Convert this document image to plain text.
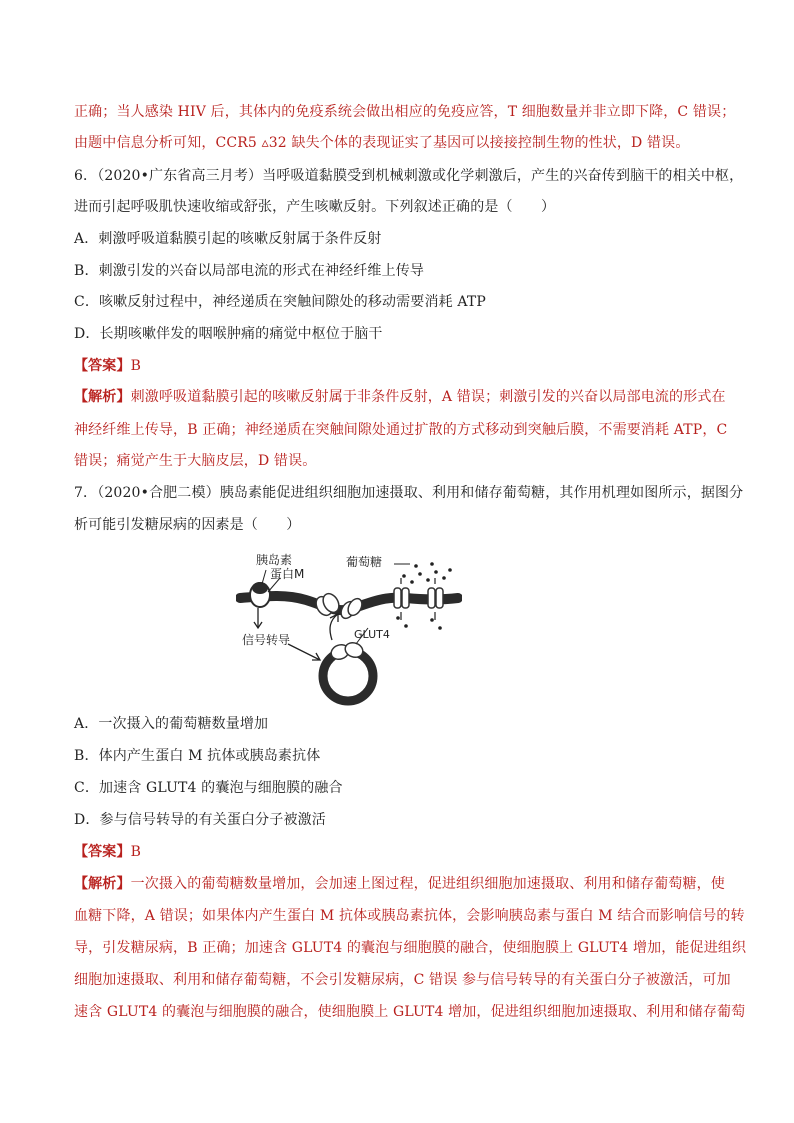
正确；当人感染 HIV 后，其体内的免疫系统会做出相应的免疫应答，T 细胞数量并非立即下降，C 错误；
由题中信息分析可知，CCR5 ▵32 缺失个体的表现证实了基因可以接接控制生物的性状，D 错误。
6．（2020•广东省高三月考）当呼吸道黏膜受到机械刺激或化学刺激后，产生的兴奋传到脑干的相关中枢，
进而引起呼吸肌快速收缩或舒张，产生咳嗽反射。下列叙述正确的是（　　）
A．刺激呼吸道黏膜引起的咳嗽反射属于条件反射
B．刺激引发的兴奋以局部电流的形式在神经纤维上传导
C．咳嗽反射过程中，神经递质在突触间隙处的移动需要消耗 ATP
D．长期咳嗽伴发的咽喉肿痛的痛觉中枢位于脑干
【答案】B
【解析】刺激呼吸道黏膜引起的咳嗽反射属于非条件反射，A 错误；刺激引发的兴奋以局部电流的形式在
神经纤维上传导，B 正确；神经递质在突触间隙处通过扩散的方式移动到突触后膜，不需要消耗 ATP，C
错误；痛觉产生于大脑皮层，D 错误。
7．（2020•合肥二模）胰岛素能促进组织细胞加速摄取、利用和储存葡萄糖，其作用机理如图所示，据图分
析可能引发糖尿病的因素是（　　）
胰岛素
蛋白M
葡萄糖
信号转导	GLUT4
A．一次摄入的葡萄糖数量增加
B．体内产生蛋白 M 抗体或胰岛素抗体
C．加速含 GLUT4 的囊泡与细胞膜的融合
D．参与信号转导的有关蛋白分子被激活
【答案】B
【解析】一次摄入的葡萄糖数量增加，会加速上图过程，促进组织细胞加速摄取、利用和储存葡萄糖，使
血糖下降，A 错误；如果体内产生蛋白 M 抗体或胰岛素抗体，会影响胰岛素与蛋白 M 结合而影响信号的转
导，引发糖尿病，B 正确；加速含 GLUT4 的囊泡与细胞膜的融合，使细胞膜上 GLUT4 增加，能促进组织
细胞加速摄取、利用和储存葡萄糖，不会引发糖尿病，C 错误 参与信号转导的有关蛋白分子被激活，可加
速含 GLUT4 的囊泡与细胞膜的融合，使细胞膜上 GLUT4 增加，促进组织细胞加速摄取、利用和储存葡萄
